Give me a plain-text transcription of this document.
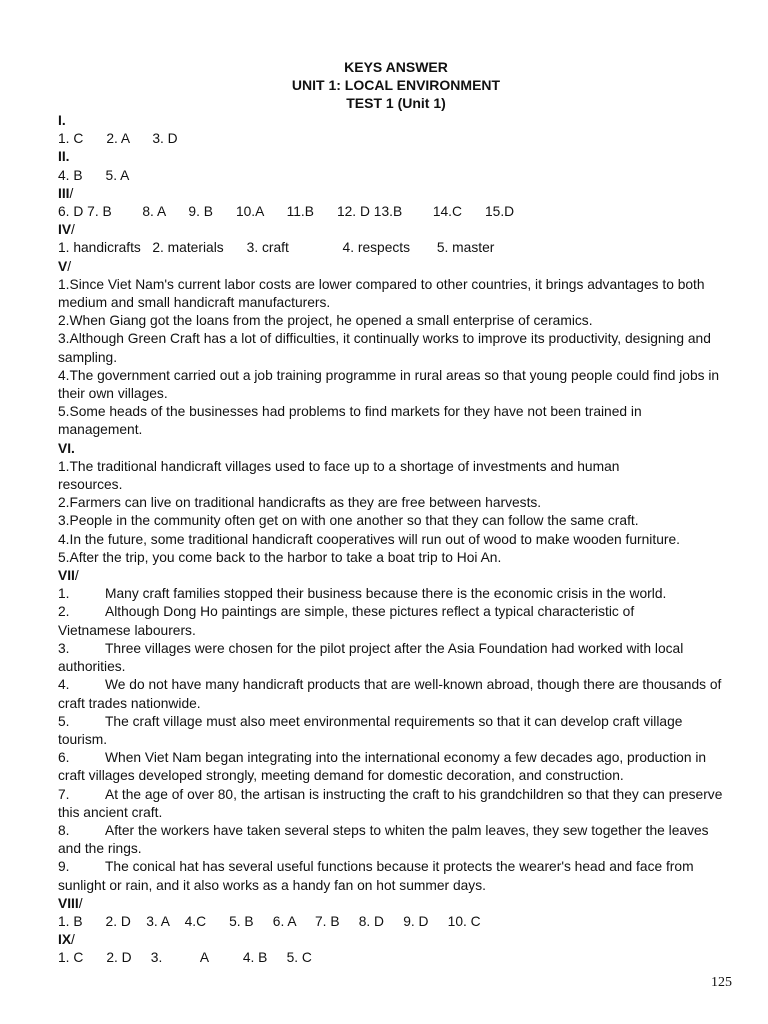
KEYS ANSWER
UNIT 1: LOCAL ENVIRONMENT
TEST 1 (Unit 1)
I.
1. C 2. A 3. D
II.
4. B 5. A
III/
6. D 7. B 8. A 9. B 10.A 11.B 12. D 13.B 14.C 15.D
IV/
1. handicrafts 2. materials 3. craft	4. respects 5. master
V/
1.Since Viet Nam's current labor costs are lower compared to other countries, it brings advantages to both medium and small handicraft manufacturers.
2.When Giang got the loans from the project, he opened a small enterprise of ceramics.
3.Although Green Craft has a lot of difficulties, it continually works to improve its productivity, designing and sampling.
4.The government carried out a job training programme in rural areas so that young people could find jobs in their own villages.
5.Some heads of the businesses had problems to find markets for they have not been trained in management.
VI.
1.The traditional handicraft villages used to face up to a shortage of investments and human resources.
2.Farmers can live on traditional handicrafts as they are free between harvests.
3.People in the community often get on with one another so that they can follow the same craft.
4.In the future, some traditional handicraft cooperatives will run out of wood to make wooden furniture.
5.After the trip, you come back to the harbor to take a boat trip to Hoi An.
VII/
1.	Many craft families stopped their business because there is the economic crisis in the world.
2.	Although Dong Ho paintings are simple, these pictures reflect a typical characteristic of Vietnamese labourers.
3.	Three villages were chosen for the pilot project after the Asia Foundation had worked with local authorities.
4.	We do not have many handicraft products that are well-known abroad, though there are thousands of craft trades nationwide.
5.	The craft village must also meet environmental requirements so that it can develop craft village tourism.
6.	When Viet Nam began integrating into the international economy a few decades ago, production in craft villages developed strongly, meeting demand for domestic decoration, and construction.
7.	At the age of over 80, the artisan is instructing the craft to his grandchildren so that they can preserve this ancient craft.
8.	After the workers have taken several steps to whiten the palm leaves, they sew together the leaves and the rings.
9.	The conical hat has several useful functions because it protects the wearer's head and face from sunlight or rain, and it also works as a handy fan on hot summer days.
VIII/
1. B 2. D 3. A 4.C 5. B 6. A 7. B 8. D 9. D 10. C
IX/
1. C 2. D 3.	A	4. B 5. C
125
